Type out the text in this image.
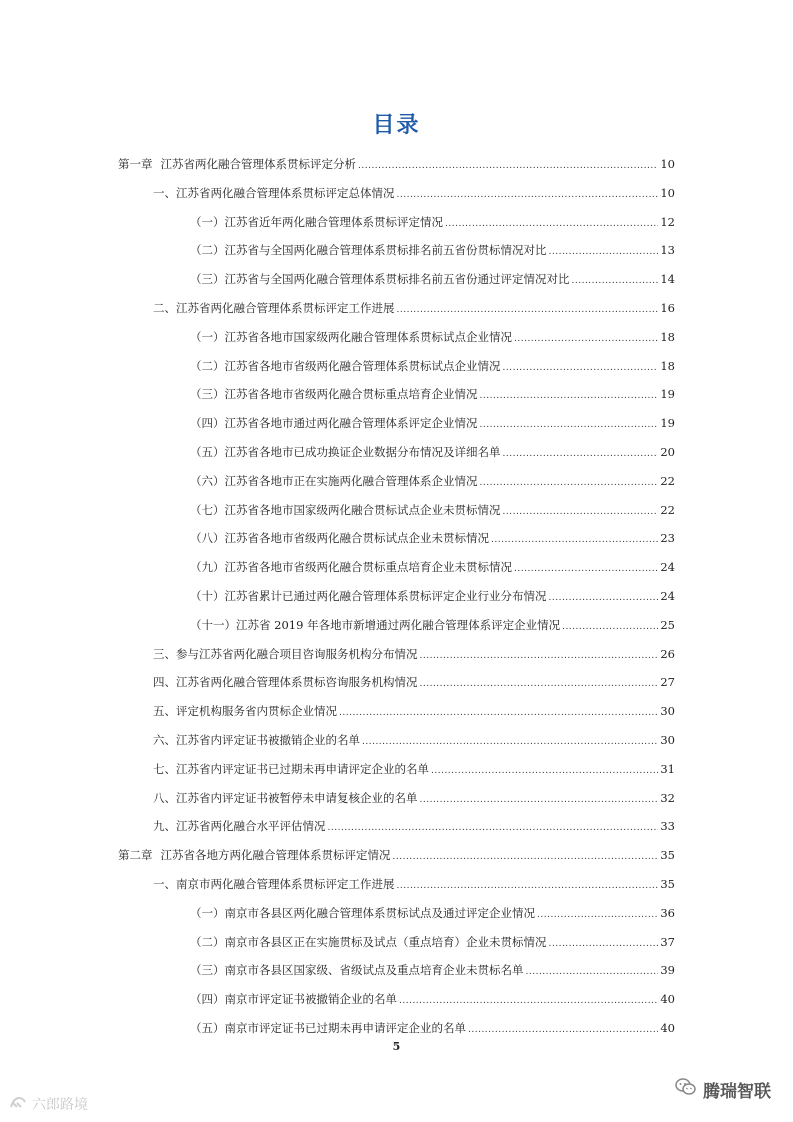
目录
第一章 江苏省两化融合管理体系贯标评定分析 .....	10
一、江苏省两化融合管理体系贯标评定总体情况 .....	10
（一）江苏省近年两化融合管理体系贯标评定情况 .....	12
（二）江苏省与全国两化融合管理体系贯标排名前五省份贯标情况对比 .....	13
（三）江苏省与全国两化融合管理体系贯标排名前五省份通过评定情况对比 .....	14
二、江苏省两化融合管理体系贯标评定工作进展 .....	16
（一）江苏省各地市国家级两化融合管理体系贯标试点企业情况 .....	18
（二）江苏省各地市省级两化融合管理体系贯标试点企业情况 .....	18
（三）江苏省各地市省级两化融合贯标重点培育企业情况 .....	19
（四）江苏省各地市通过两化融合管理体系评定企业情况 .....	19
（五）江苏省各地市已成功换证企业数据分布情况及详细名单 .....	20
（六）江苏省各地市正在实施两化融合管理体系企业情况 .....	22
（七）江苏省各地市国家级两化融合贯标试点企业未贯标情况 .....	22
（八）江苏省各地市省级两化融合贯标试点企业未贯标情况 .....	23
（九）江苏省各地市省级两化融合贯标重点培育企业未贯标情况 .....	24
（十）江苏省累计已通过两化融合管理体系贯标评定企业行业分布情况 .....	24
（十一）江苏省 2019 年各地市新增通过两化融合管理体系评定企业情况 .....	25
三、参与江苏省两化融合项目咨询服务机构分布情况 .....	26
四、江苏省两化融合管理体系贯标咨询服务机构情况 .....	27
五、评定机构服务省内贯标企业情况 .....	30
六、江苏省内评定证书被撤销企业的名单 .....	30
七、江苏省内评定证书已过期未再申请评定企业的名单 .....	31
八、江苏省内评定证书被暂停未申请复核企业的名单 .....	32
九、江苏省两化融合水平评估情况 .....	33
第二章 江苏省各地方两化融合管理体系贯标评定情况 .....	35
一、南京市两化融合管理体系贯标评定工作进展 .....	35
（一）南京市各县区两化融合管理体系贯标试点及通过评定企业情况 .....	36
（二）南京市各县区正在实施贯标及试点（重点培育）企业未贯标情况 .....	37
（三）南京市各县区国家级、省级试点及重点培育企业未贯标名单 .....	39
（四）南京市评定证书被撤销企业的名单 .....	40
（五）南京市评定证书已过期未再申请评定企业的名单 .....	40
5
六郎路境
腾瑞智联
